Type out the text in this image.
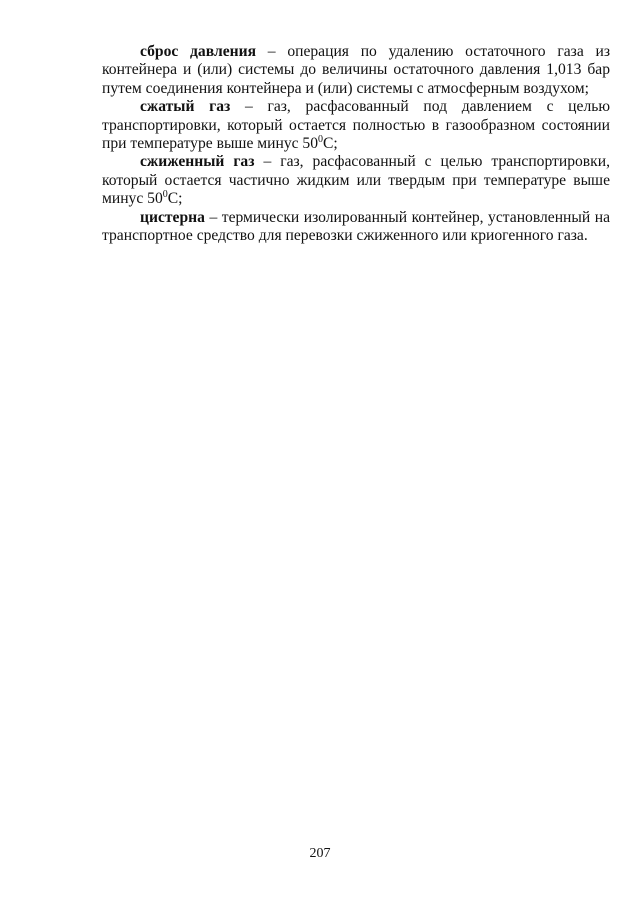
сброс давления – операция по удалению остаточного газа из контейнера и (или) системы до величины остаточного давления 1,013 бар путем соединения контейнера и (или) системы с атмосферным воздухом;

сжатый газ – газ, расфасованный под давлением с целью транспортировки, который остается полностью в газообразном состоянии при температуре выше минус $50^0С$;

сжиженный газ – газ, расфасованный с целью транспортировки, который остается частично жидким или твердым при температуре выше минус $50^0С$;

цистерна – термически изолированный контейнер, установленный на транспортное средство для перевозки сжиженного или криогенного газа.

207
